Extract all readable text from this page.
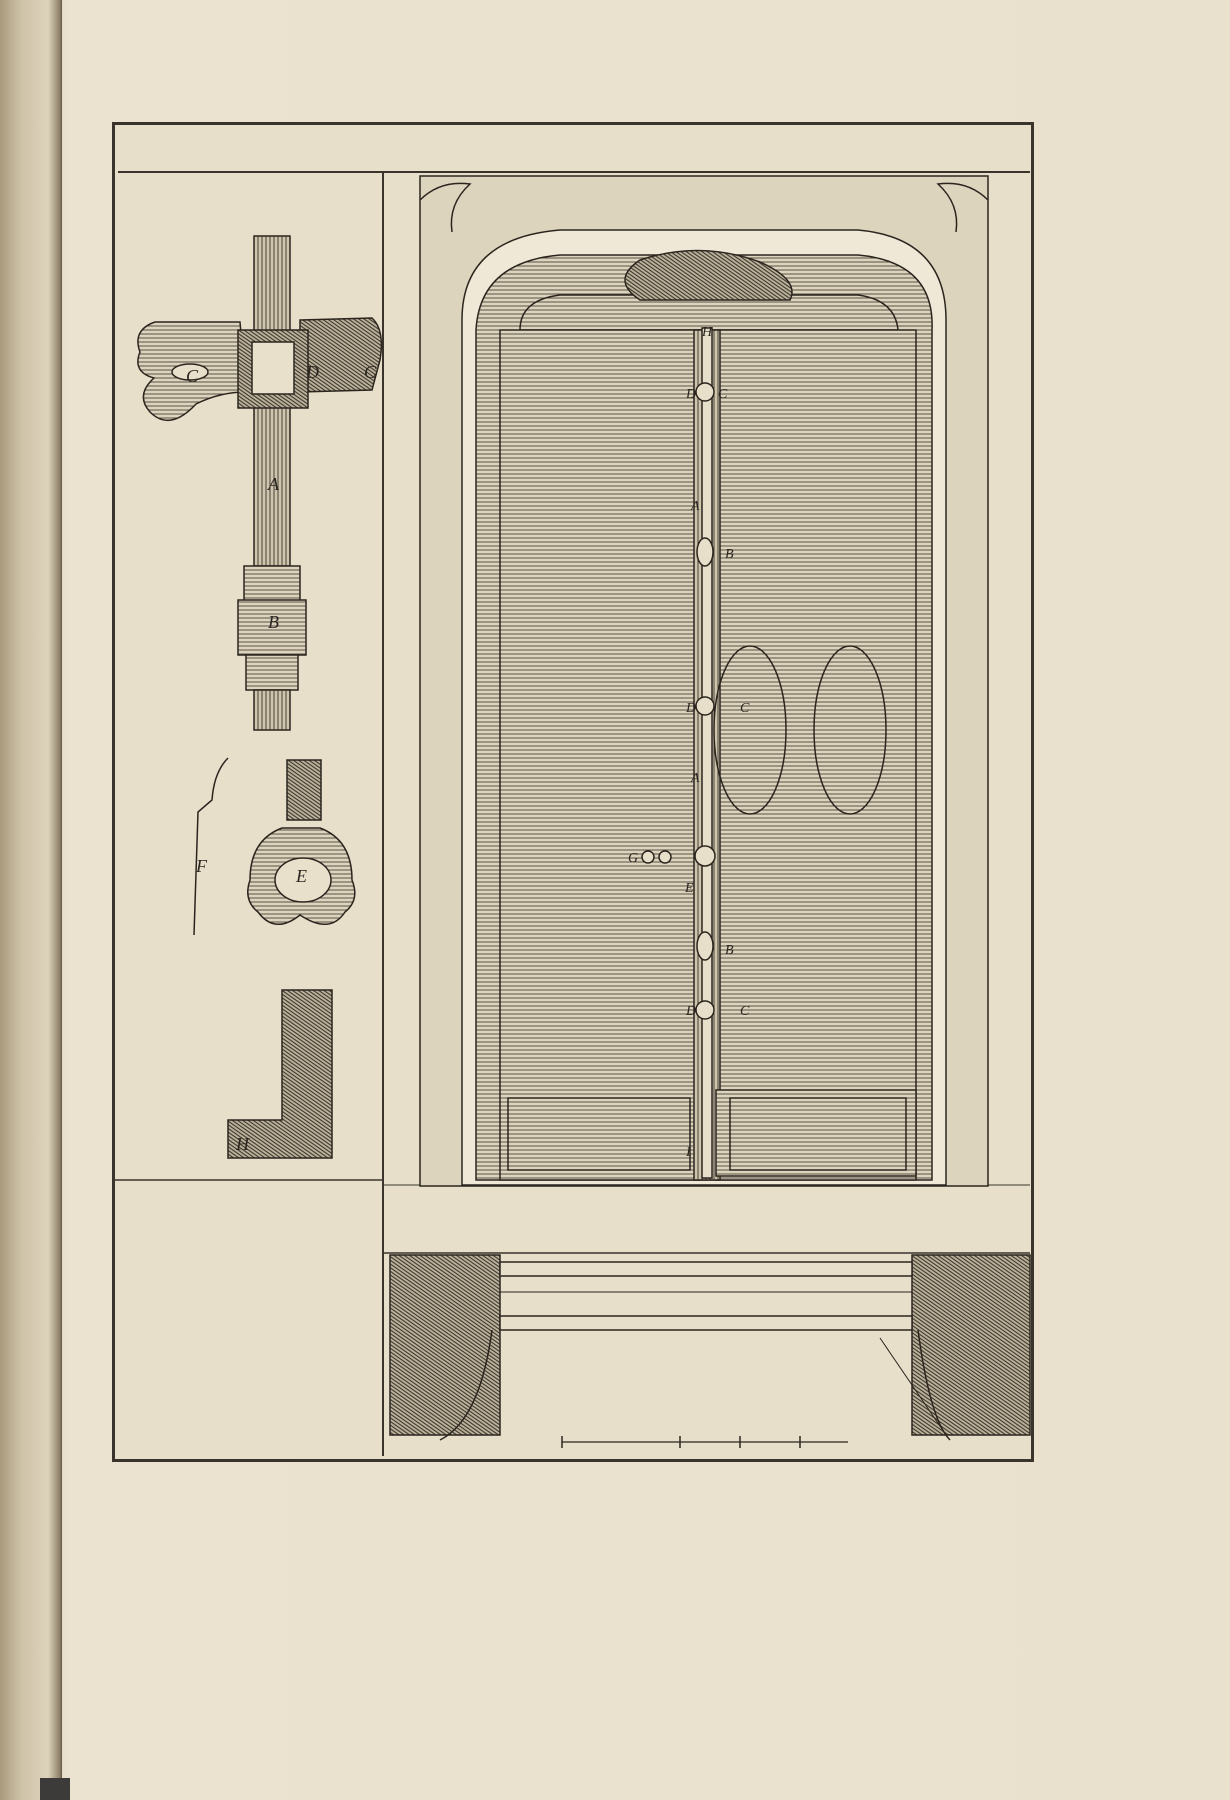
C	D	C
A
B
F	E
H
H
D C
A
B
D	C
A
G
E
B
D	C
I
